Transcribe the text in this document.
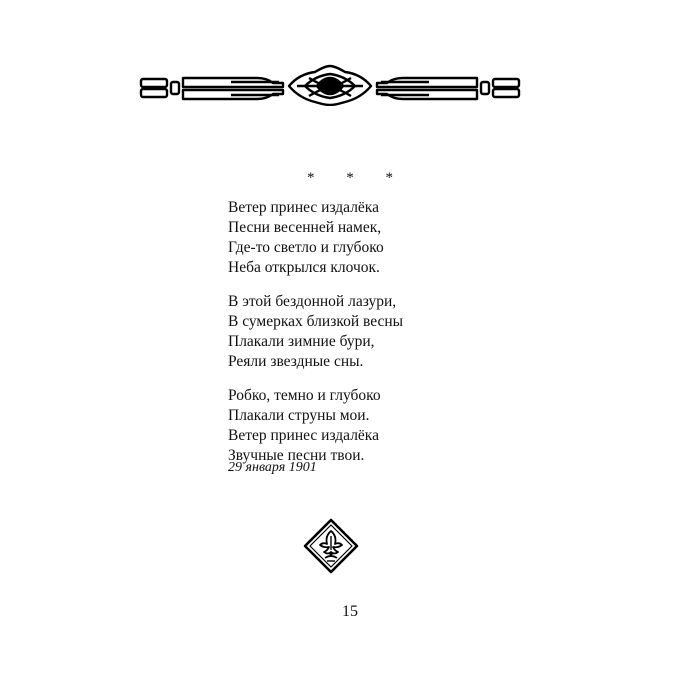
* * *
Ветер принес издалёка
Песни весенней намек,
Где-то светло и глубоко
Неба открылся клочок.
В этой бездонной лазури,
В сумерках близкой весны
Плакали зимние бури,
Реяли звездные сны.
Робко, темно и глубоко
Плакали струны мои.
Ветер принес издалёка
Звучные песни твои.
29 января 1901
15
